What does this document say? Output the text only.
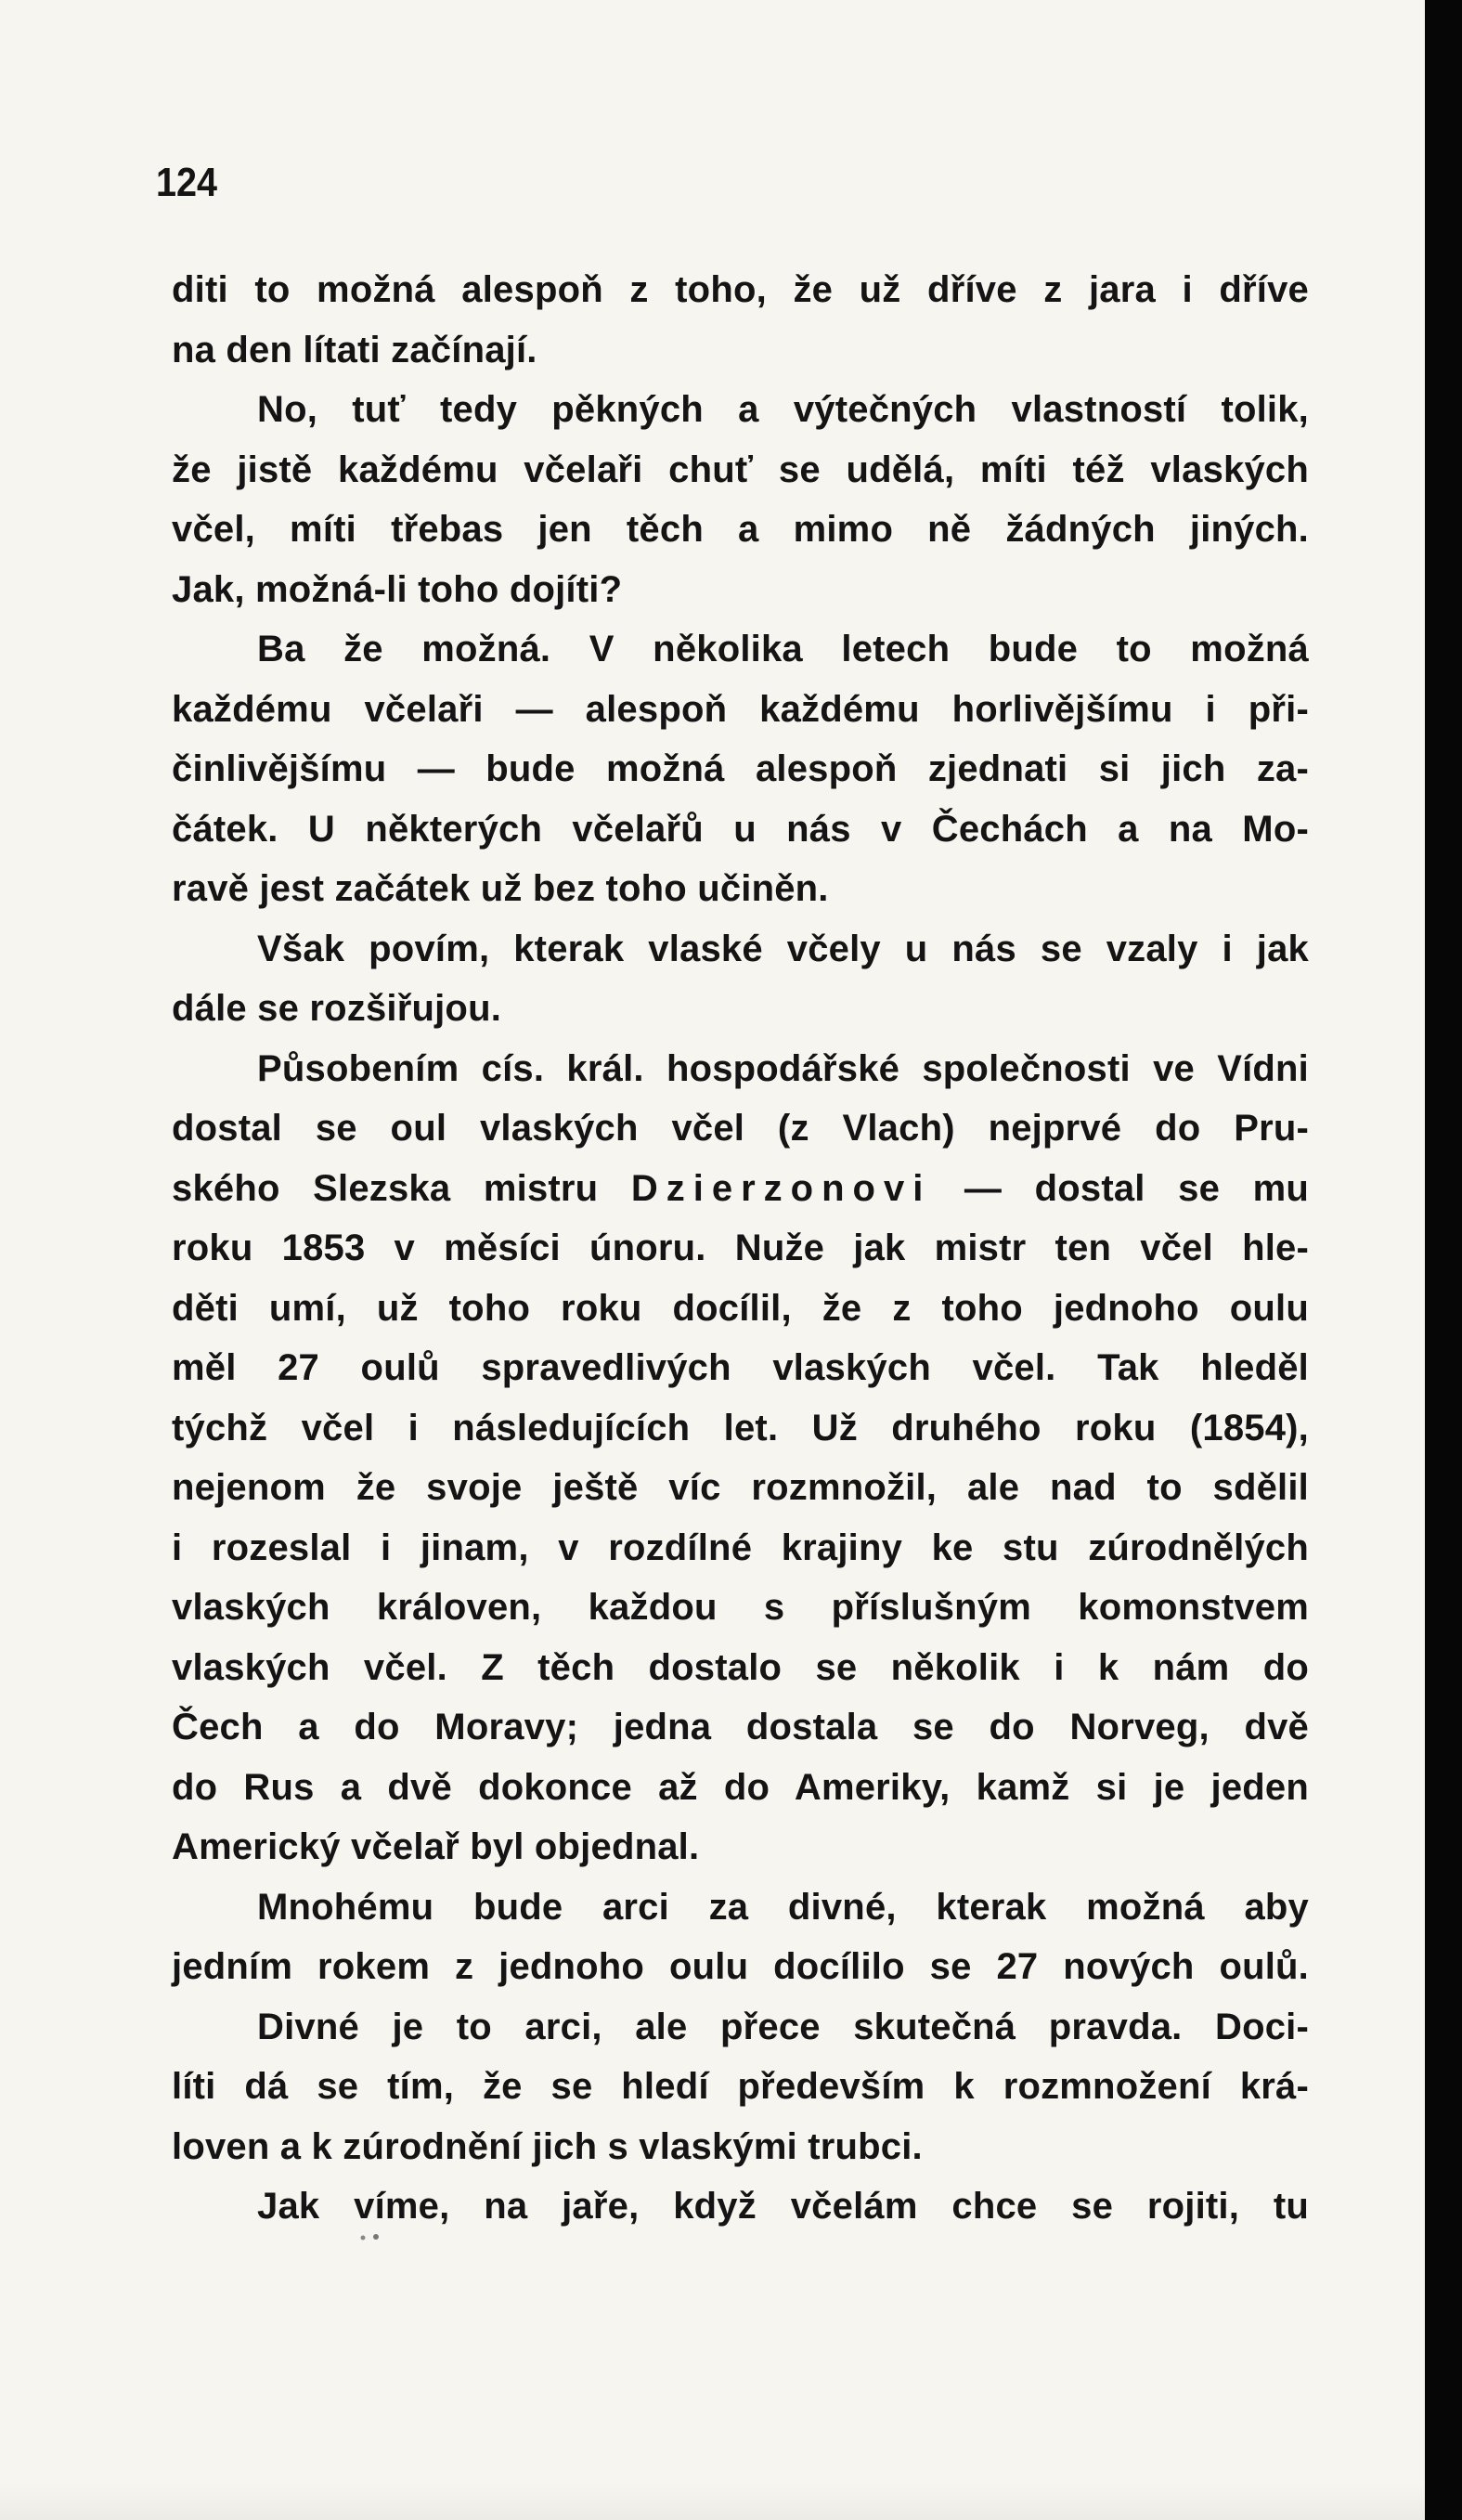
124
diti to možná alespoň z toho, že už dříve z jara i dříve
na den lítati začínají.
No, tuť tedy pěkných a výtečných vlastností tolik,
že jistě každému včelaři chuť se udělá, míti též vlaských
včel, míti třebas jen těch a mimo ně žádných jiných.
Jak, možná-li toho dojíti?
Ba že možná. V několika letech bude to možná
každému včelaři — alespoň každému horlivějšímu i při-
činlivějšímu — bude možná alespoň zjednati si jich za-
čátek. U některých včelařů u nás v Čechách a na Mo-
ravě jest začátek už bez toho učiněn.
Však povím, kterak vlaské včely u nás se vzaly i jak
dále se rozšiřujou.
Působením cís. král. hospodářské společnosti ve Vídni
dostal se oul vlaských včel (z Vlach) nejprvé do Pru-
ského Slezska mistru Dzierzonovi — dostal se mu
roku 1853 v měsíci únoru. Nuže jak mistr ten včel hle-
děti umí, už toho roku docílil, že z toho jednoho oulu
měl 27 oulů spravedlivých vlaských včel. Tak hleděl
týchž včel i následujících let. Už druhého roku (1854),
nejenom že svoje ještě víc rozmnožil, ale nad to sdělil
i rozeslal i jinam, v rozdílné krajiny ke stu zúrodnělých
vlaských královen, každou s příslušným komonstvem
vlaských včel. Z těch dostalo se několik i k nám do
Čech a do Moravy; jedna dostala se do Norveg, dvě
do Rus a dvě dokonce až do Ameriky, kamž si je jeden
Americký včelař byl objednal.
Mnohému bude arci za divné, kterak možná aby
jedním rokem z jednoho oulu docílilo se 27 nových oulů.
Divné je to arci, ale přece skutečná pravda. Doci-
líti dá se tím, že se hledí především k rozmnožení krá-
loven a k zúrodnění jich s vlaskými trubci.
Jak víme, na jaře, když včelám chce se rojiti, tu
